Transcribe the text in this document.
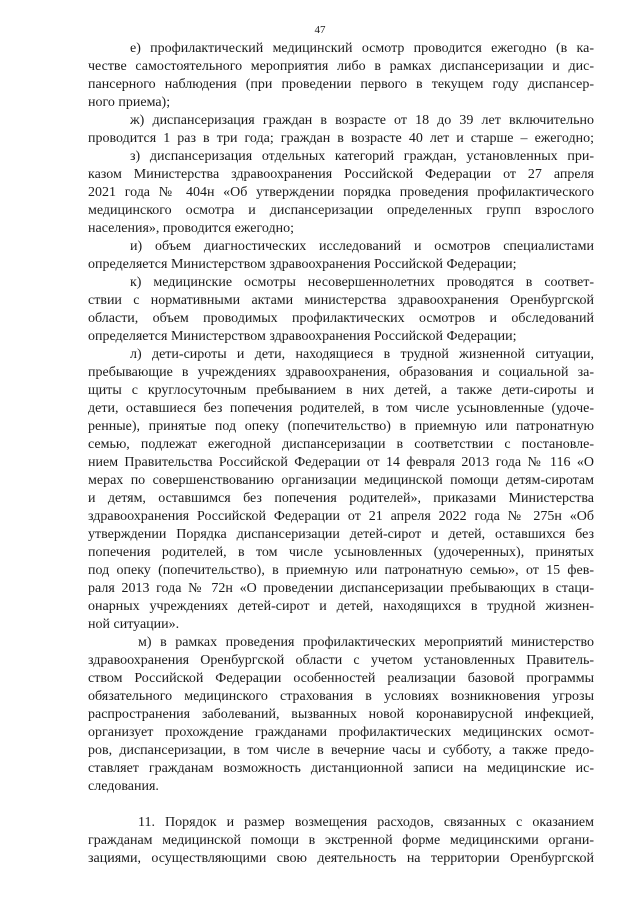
47
е) профилактический медицинский осмотр проводится ежегодно (в ка-
честве самостоятельного мероприятия либо в рамках диспансеризации и дис-
пансерного наблюдения (при проведении первого в текущем году диспансер-
ного приема);
ж) диспансеризация граждан в возрасте от 18 до 39 лет включительно
проводится 1 раз в три года; граждан в возрасте 40 лет и старше – ежегодно;
з) диспансеризация отдельных категорий граждан, установленных при-
казом Министерства здравоохранения Российской Федерации от 27 апреля
2021 года № 404н «Об утверждении порядка проведения профилактического
медицинского осмотра и диспансеризации определенных групп взрослого
населения», проводится ежегодно;
и) объем диагностических исследований и осмотров специалистами
определяется Министерством здравоохранения Российской Федерации;
к) медицинские осмотры несовершеннолетних проводятся в соответ-
ствии с нормативными актами министерства здравоохранения Оренбургской
области, объем проводимых профилактических осмотров и обследований
определяется Министерством здравоохранения Российской Федерации;
л) дети-сироты и дети, находящиеся в трудной жизненной ситуации,
пребывающие в учреждениях здравоохранения, образования и социальной за-
щиты с круглосуточным пребыванием в них детей, а также дети-сироты и
дети, оставшиеся без попечения родителей, в том числе усыновленные (удоче-
ренные), принятые под опеку (попечительство) в приемную или патронатную
семью, подлежат ежегодной диспансеризации в соответствии с постановле-
нием Правительства Российской Федерации от 14 февраля 2013 года № 116 «О
мерах по совершенствованию организации медицинской помощи детям-сиротам
и детям, оставшимся без попечения родителей», приказами Министерства
здравоохранения Российской Федерации от 21 апреля 2022 года № 275н «Об
утверждении Порядка диспансеризации детей-сирот и детей, оставшихся без
попечения родителей, в том числе усыновленных (удочеренных), принятых
под опеку (попечительство), в приемную или патронатную семью», от 15 фев-
раля 2013 года № 72н «О проведении диспансеризации пребывающих в стаци-
онарных учреждениях детей-сирот и детей, находящихся в трудной жизнен-
ной ситуации».
м) в рамках проведения профилактических мероприятий министерство
здравоохранения Оренбургской области с учетом установленных Правитель-
ством Российской Федерации особенностей реализации базовой программы
обязательного медицинского страхования в условиях возникновения угрозы
распространения заболеваний, вызванных новой коронавирусной инфекцией,
организует прохождение гражданами профилактических медицинских осмот-
ров, диспансеризации, в том числе в вечерние часы и субботу, а также предо-
ставляет гражданам возможность дистанционной записи на медицинские ис-
следования.
11. Порядок и размер возмещения расходов, связанных с оказанием
гражданам медицинской помощи в экстренной форме медицинскими органи-
зациями, осуществляющими свою деятельность на территории Оренбургской
